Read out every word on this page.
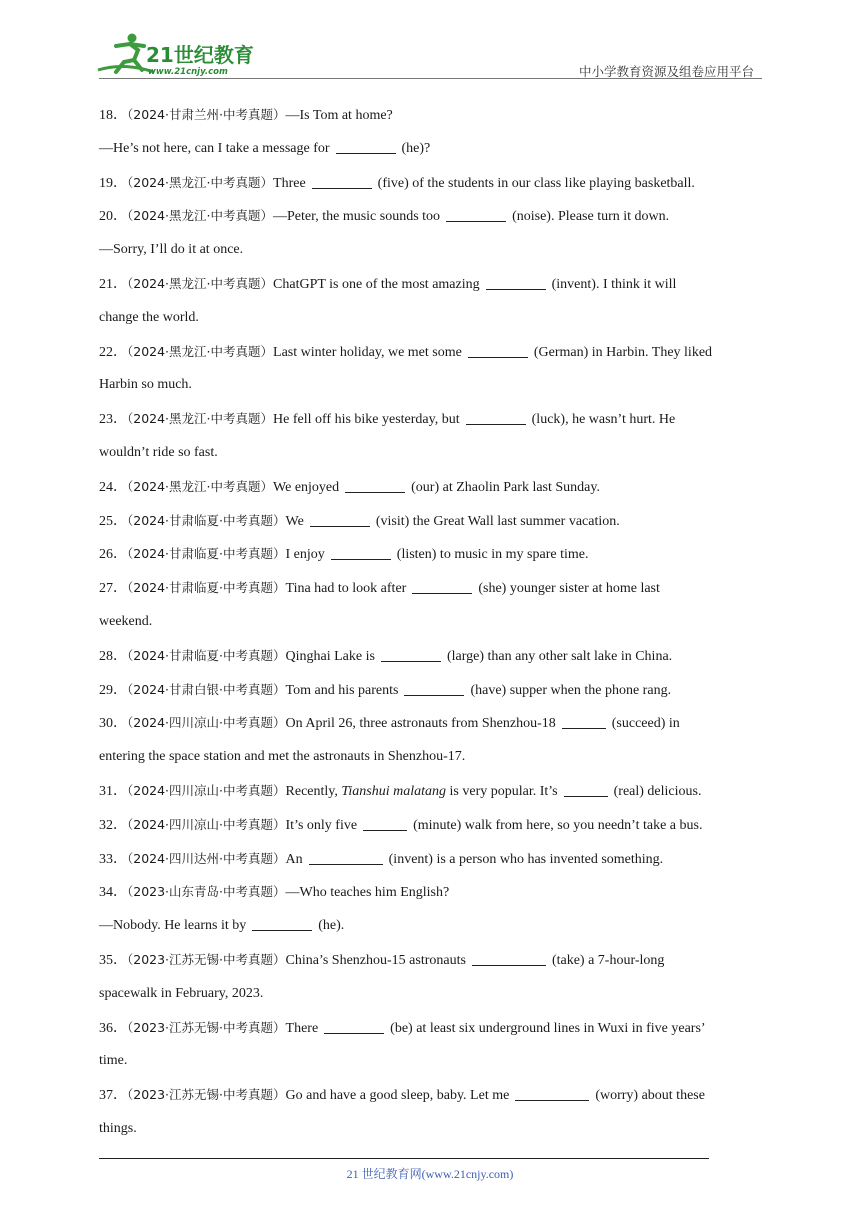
21世纪教育
www.21cnjy.com	中小学教育资源及组卷应用平台
18．（2024·甘肃兰州·中考真题）—Is Tom at home?
—He’s not here, can I take a message for	(he)?
19．（2024·黑龙江·中考真题）Three	(five) of the students in our class like playing basketball.
20．（2024·黑龙江·中考真题）—Peter, the music sounds too	(noise). Please turn it down.
—Sorry, I’ll do it at once.
21．（2024·黑龙江·中考真题）ChatGPT is one of the most amazing	(invent). I think it will
change the world.
22．（2024·黑龙江·中考真题）Last winter holiday, we met some	(German) in Harbin. They liked
Harbin so much.
23．（2024·黑龙江·中考真题）He fell off his bike yesterday, but	(luck), he wasn’t hurt. He
wouldn’t ride so fast.
24．（2024·黑龙江·中考真题）We enjoyed	(our) at Zhaolin Park last Sunday.
25．（2024·甘肃临夏·中考真题）We	(visit) the Great Wall last summer vacation.
26．（2024·甘肃临夏·中考真题）I enjoy	(listen) to music in my spare time.
27．（2024·甘肃临夏·中考真题）Tina had to look after	(she) younger sister at home last
weekend.
28．（2024·甘肃临夏·中考真题）Qinghai Lake is	(large) than any other salt lake in China.
29．（2024·甘肃白银·中考真题）Tom and his parents	(have) supper when the phone rang.
30．（2024·四川凉山·中考真题）On April 26, three astronauts from Shenzhou-18	(succeed) in
entering the space station and met the astronauts in Shenzhou-17.
31．（2024·四川凉山·中考真题）Recently, Tianshui malatang is very popular. It’s	(real) delicious.
32．（2024·四川凉山·中考真题）It’s only five	(minute) walk from here, so you needn’t take a bus.
33．（2024·四川达州·中考真题）An	(invent) is a person who has invented something.
34．（2023·山东青岛·中考真题）—Who teaches him English?
—Nobody. He learns it by	(he).
35．（2023·江苏无锡·中考真题）China’s Shenzhou-15 astronauts	(take) a 7-hour-long
spacewalk in February, 2023.
36．（2023·江苏无锡·中考真题）There	(be) at least six underground lines in Wuxi in five years’
time.
37．（2023·江苏无锡·中考真题）Go and have a good sleep, baby. Let me	(worry) about these
things.
21 世纪教育网(www.21cnjy.com)
